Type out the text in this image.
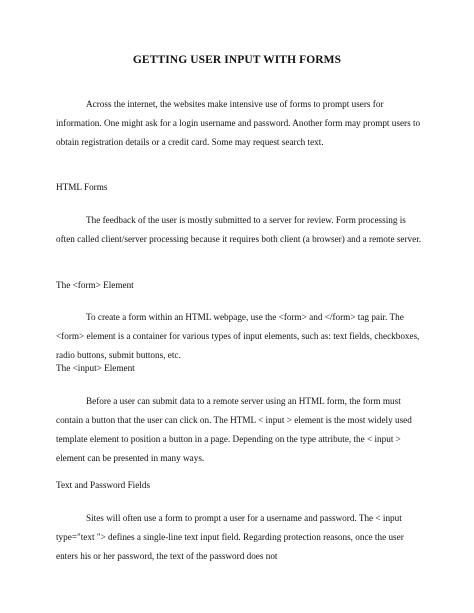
GETTING USER INPUT WITH FORMS

Across the internet, the websites make intensive use of forms to prompt users for information. One might ask for a login username and password. Another form may prompt users to obtain registration details or a credit card. Some may request search text.

HTML Forms

The feedback of the user is mostly submitted to a server for review. Form processing is often called client/server processing because it requires both client (a browser) and a remote server.

The <form> Element

To create a form within an HTML webpage, use the <form> and </form> tag pair. The <form> element is a container for various types of input elements, such as: text fields, checkboxes, radio buttons, submit buttons, etc.

The <input> Element

Before a user can submit data to a remote server using an HTML form, the form must contain a button that the user can click on. The HTML < input > element is the most widely used template element to position a button in a page. Depending on the type attribute, the < input > element can be presented in many ways.

Text and Password Fields

Sites will often use a form to prompt a user for a username and password. The < input type="text "> defines a single-line text input field. Regarding protection reasons, once the user enters his or her password, the text of the password does not
